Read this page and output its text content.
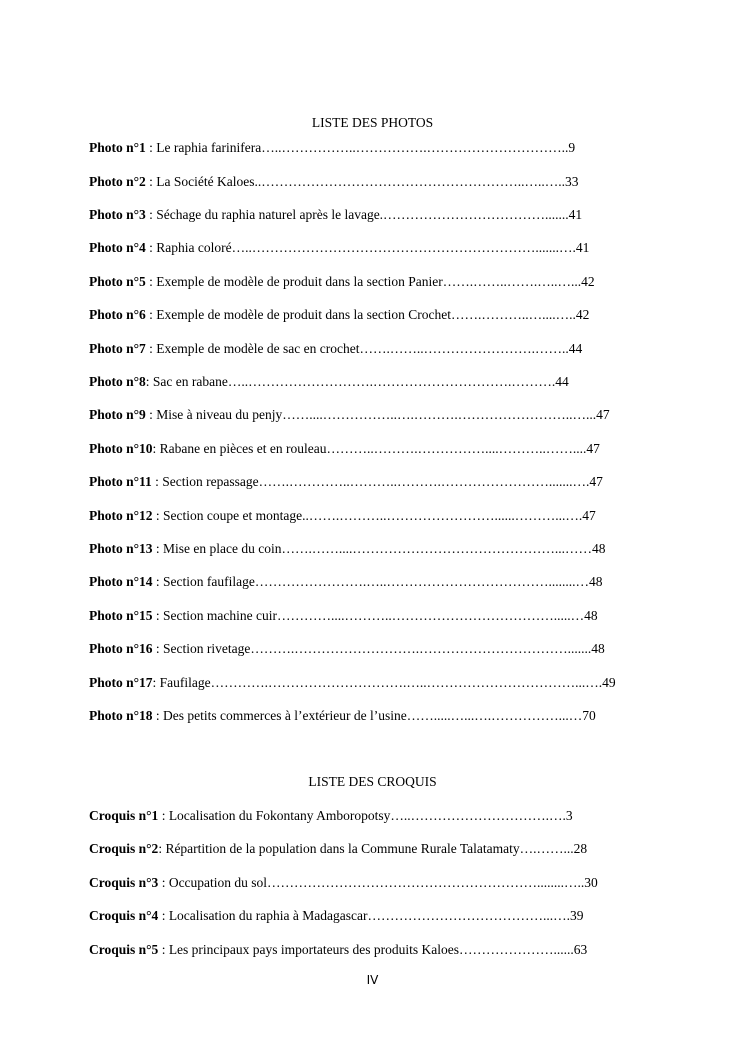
LISTE DES PHOTOS
Photo n°1 : Le raphia farinifera…..……………..…………….…………………………..9
Photo n°2 : La Société Kaloes..…………………………………………………..…..…..33
Photo n°3 : Séchage du raphia naturel après le lavage.……………………………….......41
Photo n°4 : Raphia coloré…..……………………………………………………….......….41
Photo n°5 : Exemple de modèle de produit dans la section Panier…….……..…….…..…...42
Photo n°6 : Exemple de modèle de produit dans la section Crochet…….………..…....…..42
Photo n°7 : Exemple de modèle de sac en crochet…….……..…………………….……..44
Photo n°8: Sac en rabane…..……………………….………………………….……….44
Photo n°9 : Mise à niveau du penjy……....……………..….……….……………………..…...47
Photo n°10: Rabane en pièces et en rouleau………..……….……………....………..……....47
Photo n°11 : Section repassage…….…………..………..……….…………………….......….47
Photo n°12 : Section coupe et montage..…….………..……………………......………...….47
Photo n°13 : Mise en place du coin…….……....………………………………………...……48
Photo n°14 : Section faufilage…………………….…..………………………………........…48
Photo n°15 : Section machine cuir…………....………..……………………………….....…48
Photo n°16 : Section rivetage……….……………………….…………………………….......48
Photo n°17: Faufilage………….………………………….…..……………………………...….49
Photo n°18 : Des petits commerces à l’extérieur de l’usine…….....…...….……………...…70
LISTE DES CROQUIS
Croquis n°1 : Localisation du Fokontany Amboropotsy…..………………………….….3
Croquis n°2: Répartition de la population dans la Commune Rurale Talatamaty….……...28
Croquis n°3 : Occupation du sol……………………………………………………........…..30
Croquis n°4 : Localisation du raphia à Madagascar…………………………………...….39
Croquis n°5 : Les principaux pays importateurs des produits Kaloes…………………......63
IV
